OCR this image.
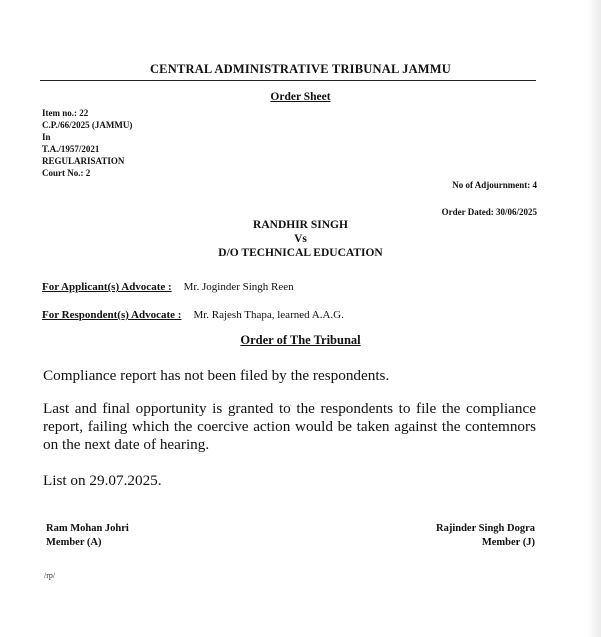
CENTRAL ADMINISTRATIVE TRIBUNAL JAMMU
Order Sheet
Item no.: 22
C.P./66/2025 (JAMMU)
In
T.A./1957/2021
REGULARISATION
Court No.: 2
No of Adjournment: 4
Order Dated: 30/06/2025
RANDHIR SINGH
Vs
D/O TECHNICAL EDUCATION
For Applicant(s) Advocate : Mr. Joginder Singh Reen
For Respondent(s) Advocate : Mr. Rajesh Thapa, learned A.A.G.
Order of The Tribunal
Compliance report has not been filed by the respondents.
Last and final opportunity is granted to the respondents to file the compliance report, failing which the coercive action would be taken against the contemnors on the next date of hearing.
List on 29.07.2025.
Ram Mohan Johri
Member (A)
Rajinder Singh Dogra
Member (J)
/rp/
